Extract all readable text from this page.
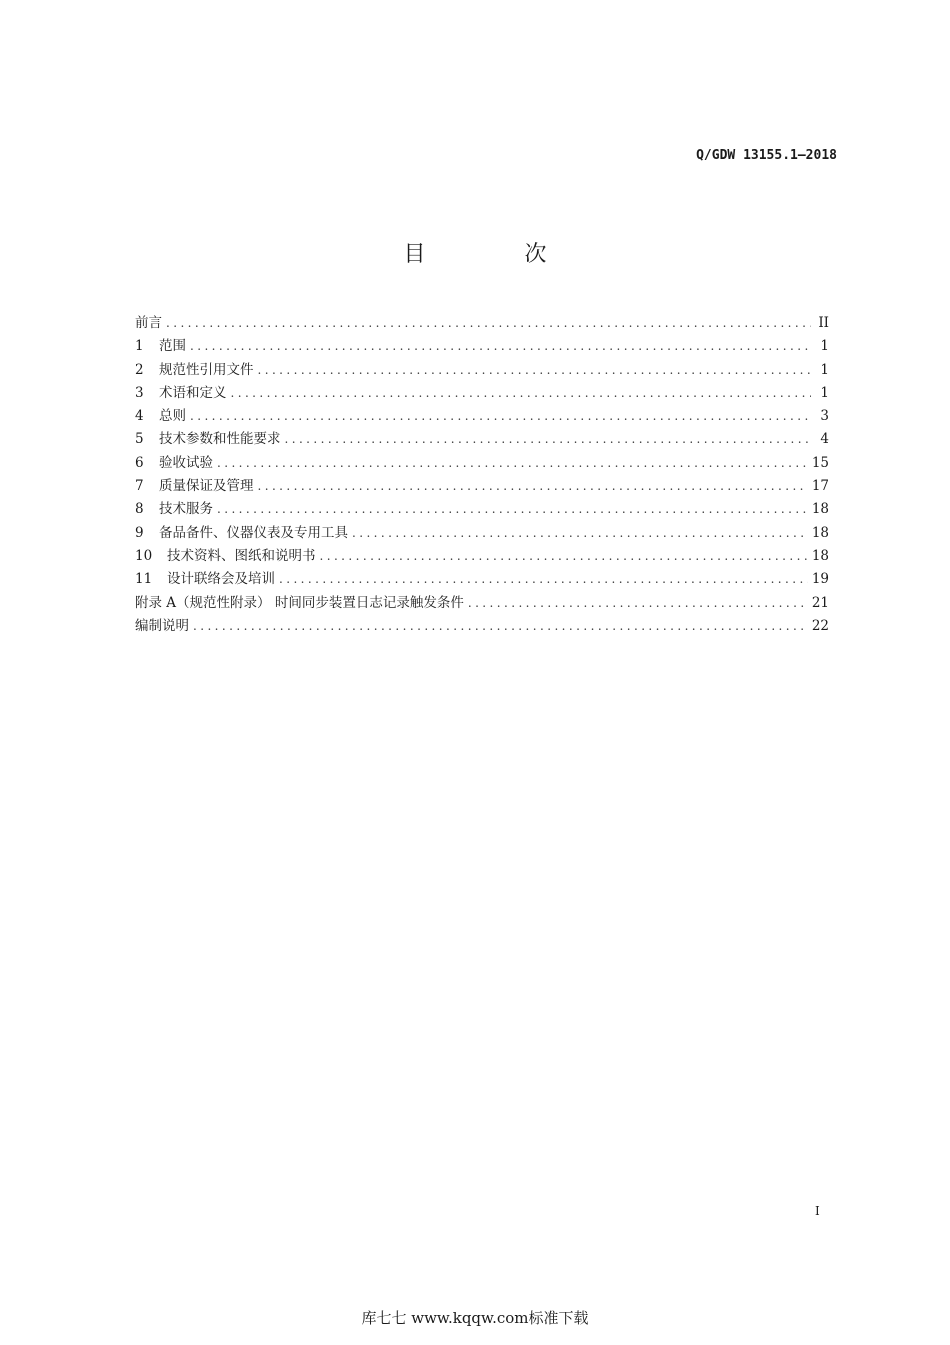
Q/GDW 13155.1—2018
目 次
前言 . . .	II
1	范围 . . .	1
2	规范性引用文件 . . .	1
3	术语和定义 . . .	1
4	总则 . . .	3
5	技术参数和性能要求 . . .	4
6	验收试验 . . .	15
7	质量保证及管理 . . .	17
8	技术服务 . . .	18
9	备品备件、仪器仪表及专用工具 . . .	18
10	技术资料、图纸和说明书 . . .	18
11	设计联络会及培训 . . .	19
附录 A（规范性附录） 时间同步装置日志记录触发条件 . . .	21
编制说明 . . .	22
I
库七七 www.kqqw.com标准下载
